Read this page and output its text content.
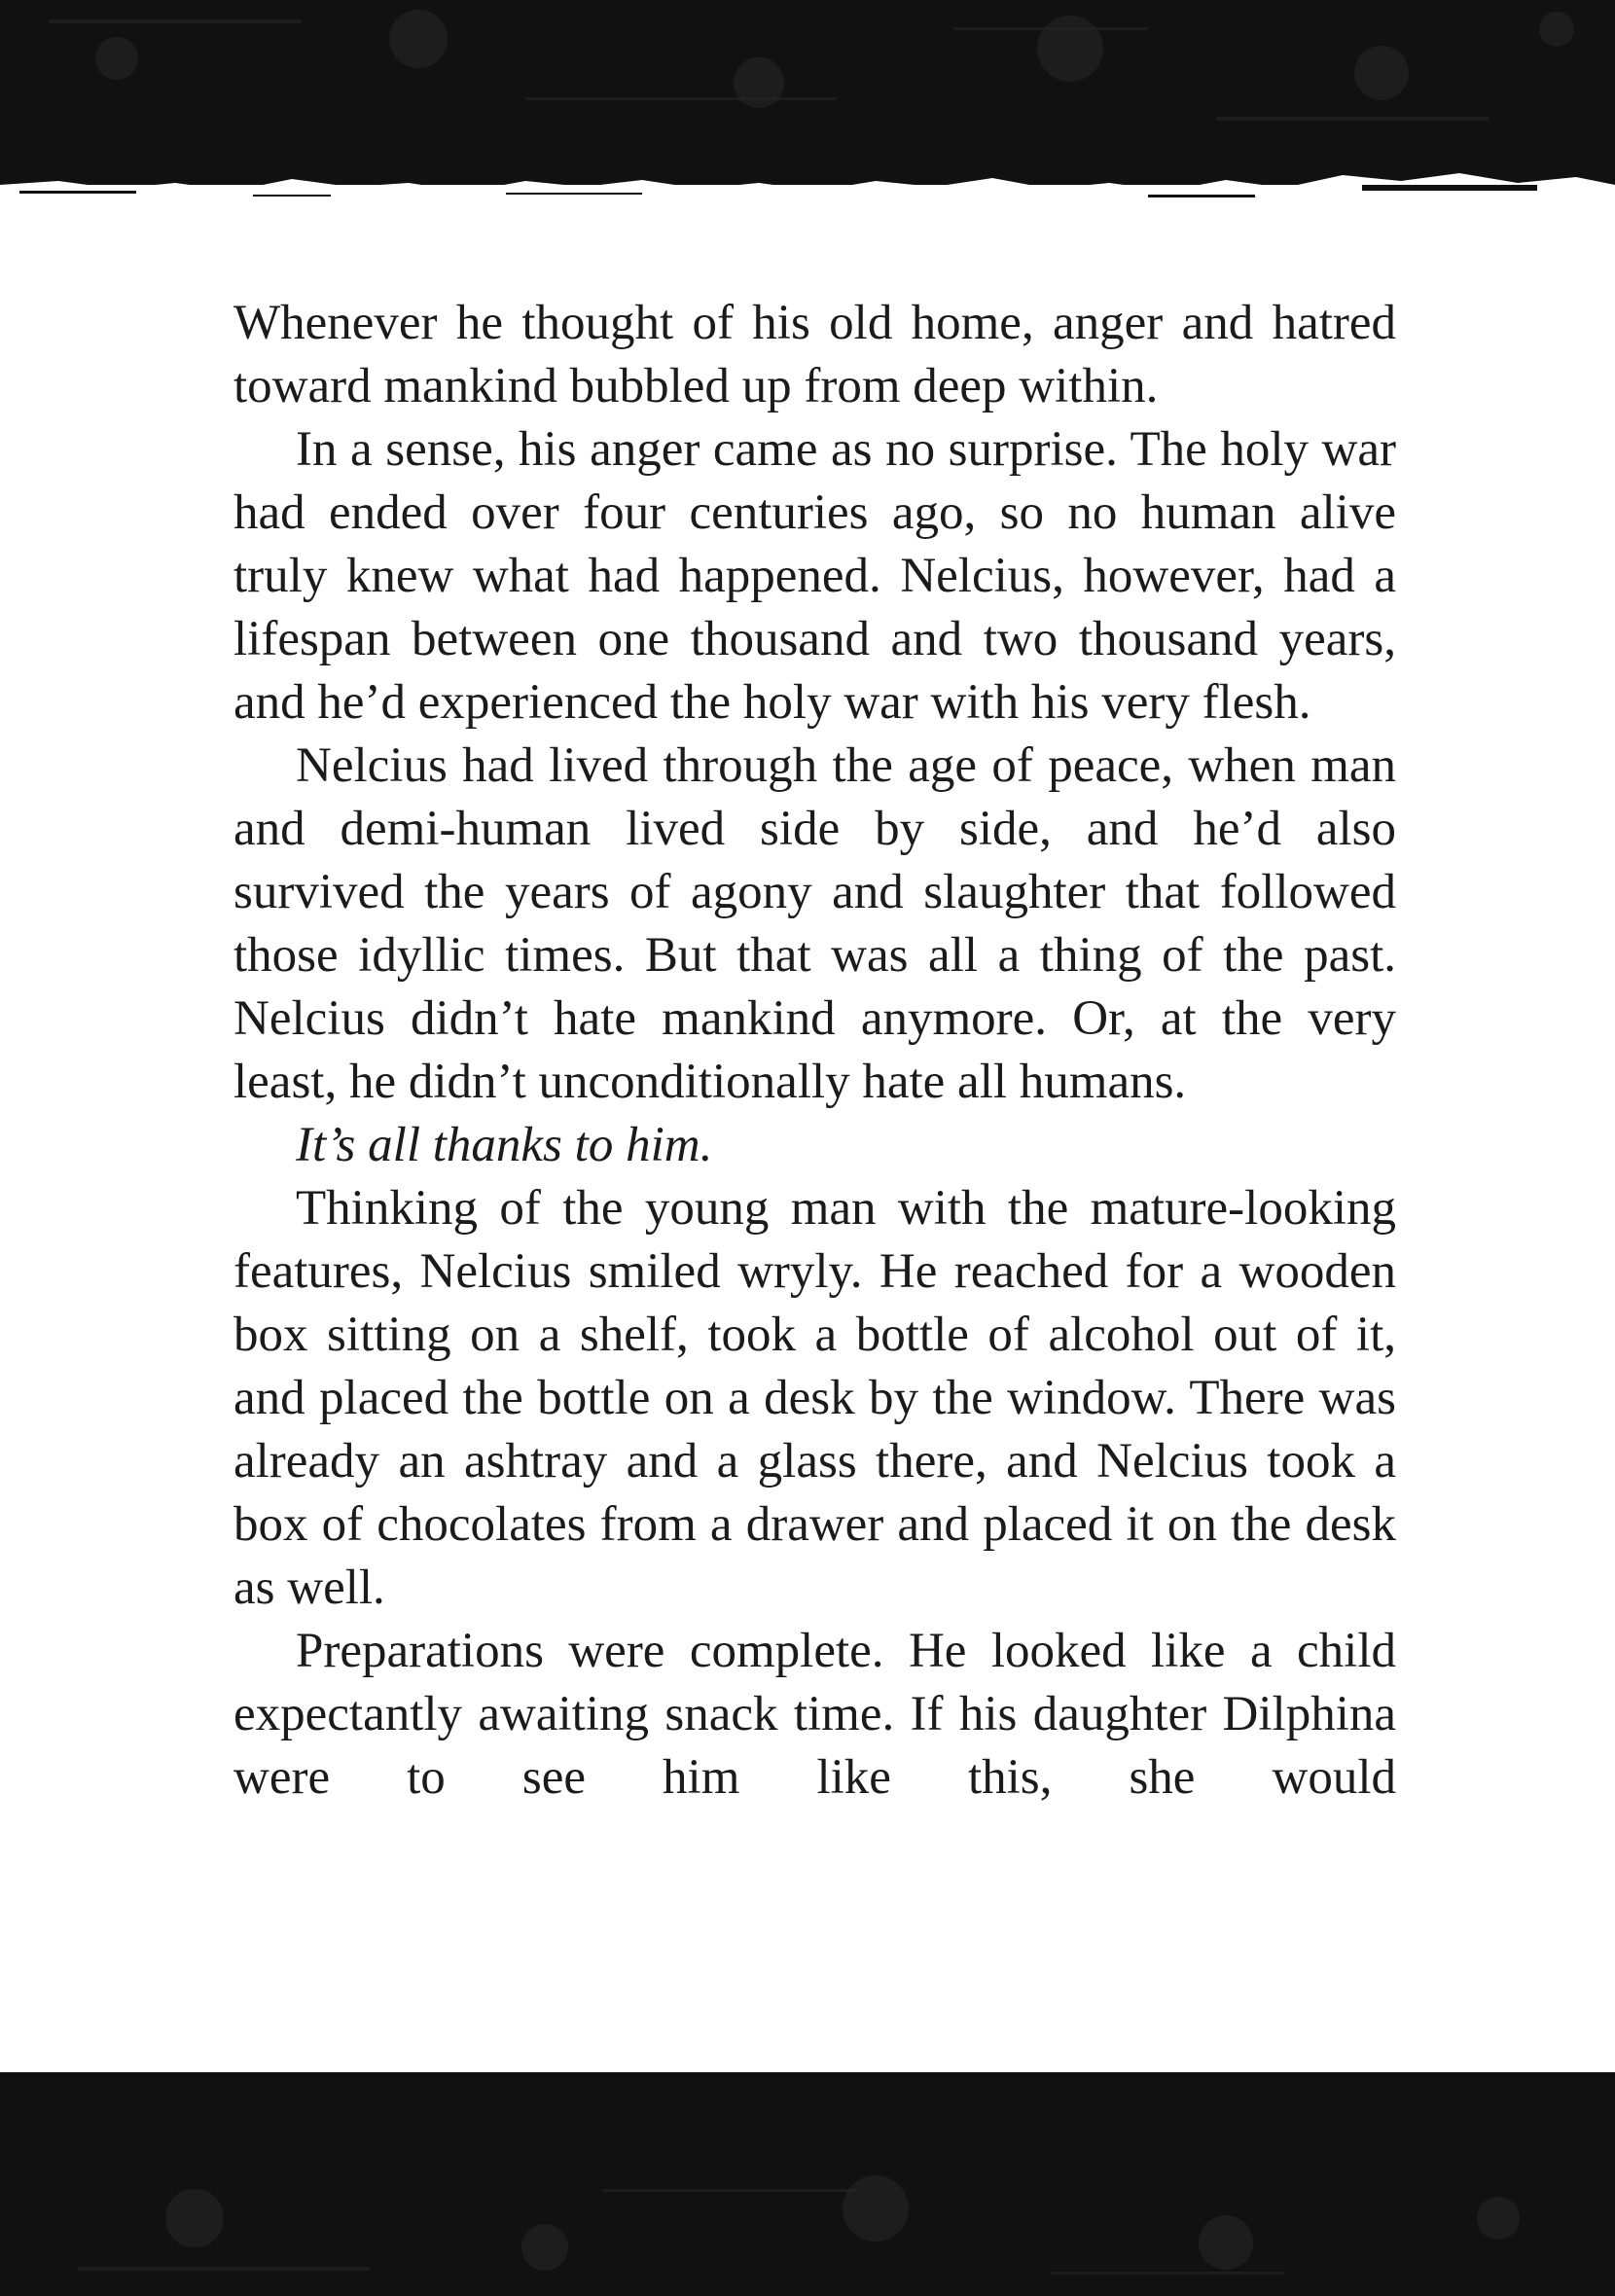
Whenever he thought of his old home, anger and hatred toward mankind bubbled up from deep within.

In a sense, his anger came as no surprise. The holy war had ended over four centuries ago, so no human alive truly knew what had happened. Nelcius, however, had a lifespan between one thousand and two thousand years, and he’d experienced the holy war with his very flesh.

Nelcius had lived through the age of peace, when man and demi-human lived side by side, and he’d also survived the years of agony and slaughter that followed those idyllic times. But that was all a thing of the past. Nelcius didn’t hate mankind anymore. Or, at the very least, he didn’t unconditionally hate all humans.

It’s all thanks to him.

Thinking of the young man with the mature-looking features, Nelcius smiled wryly. He reached for a wooden box sitting on a shelf, took a bottle of alcohol out of it, and placed the bottle on a desk by the window. There was already an ashtray and a glass there, and Nelcius took a box of chocolates from a drawer and placed it on the desk as well.

Preparations were complete. He looked like a child expectantly awaiting snack time. If his daughter Dilphina were to see him like this, she would
